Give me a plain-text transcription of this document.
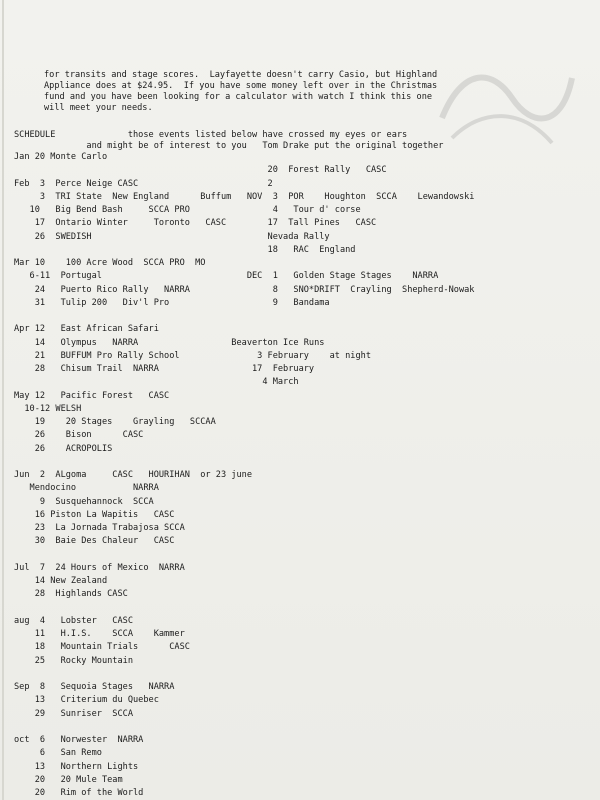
for transits and stage scores.  Layfayette doesn't carry Casio, but Highland
Appliance does at $24.95.  If you have some money left over in the Christmas
fund and you have been looking for a calculator with watch I think this one
will meet your needs.
SCHEDULE              those events listed below have crossed my eyes or ears
and might be of interest to you   Tom Drake put the original together
Jan 20 Monte Carlo
20  Forest Rally   CASC
Feb  3  Perce Neige CASC                         2
3  TRI State  New England      Buffum   NOV  3  POR    Houghton  SCCA    Lewandowski
10   Big Bend Bash     SCCA PRO                4   Tour d' corse
17  Ontario Winter     Toronto   CASC        17  Tall Pines   CASC
26  SWEDISH                                  Nevada Rally
18   RAC  England
Mar 10    100 Acre Wood  SCCA PRO  MO
6-11  Portugal                            DEC  1   Golden Stage Stages    NARRA
24   Puerto Rico Rally   NARRA                8   SNO*DRIFT  Crayling  Shepherd-Nowak
31   Tulip 200   Div'l Pro                    9   Bandama
Apr 12   East African Safari
14   Olympus   NARRA                  Beaverton Ice Runs
21   BUFFUM Pro Rally School               3 February    at night
28   Chisum Trail  NARRA                  17  February
4 March
May 12   Pacific Forest   CASC
10-12 WELSH
19    20 Stages    Grayling   SCCAA
26    Bison      CASC
26    ACROPOLIS
Jun  2  ALgoma     CASC   HOURIHAN  or 23 june
Mendocino           NARRA
9  Susquehannock  SCCA
16 Piston La Wapitis   CASC
23  La Jornada Trabajosa SCCA
30  Baie Des Chaleur   CASC
Jul  7  24 Hours of Mexico  NARRA
14 New Zealand
28  Highlands CASC
aug  4   Lobster   CASC
11   H.I.S.    SCCA    Kammer
18   Mountain Trials      CASC
25   Rocky Mountain
Sep  8   Sequoia Stages   NARRA
13   Criterium du Quebec
29   Sunriser  SCCA
oct  6   Norwester  NARRA
6   San Remo
13   Northern Lights
20   20 Mule Team
20   Rim of the World
